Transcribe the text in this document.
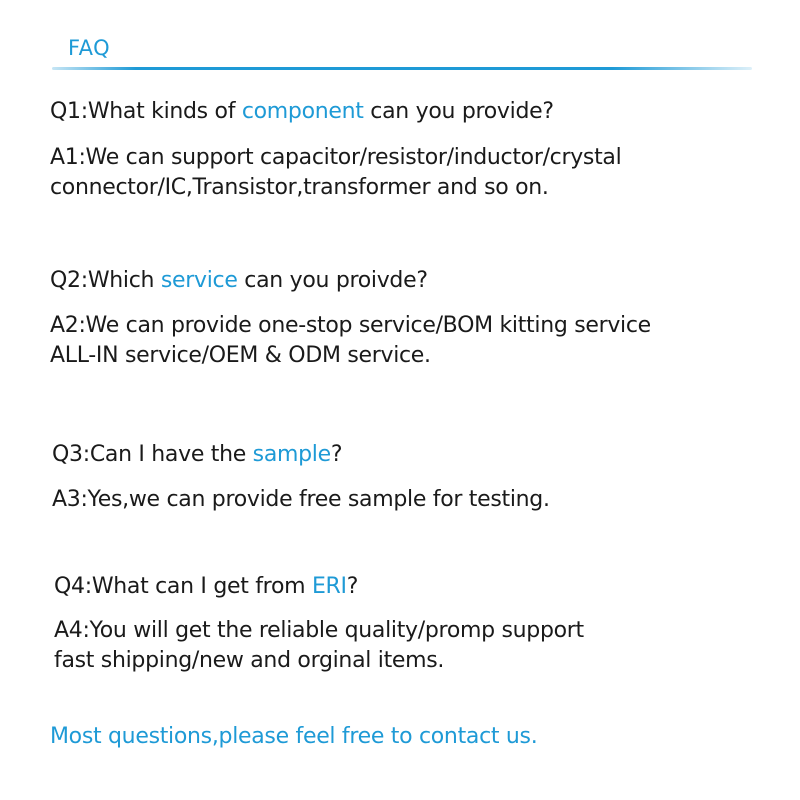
FAQ
Q1:What kinds of component can you provide?
A1:We can support capacitor/resistor/inductor/crystal
connector/IC,Transistor,transformer and so on.
Q2:Which service can you proivde?
A2:We can provide one-stop service/BOM kitting service
ALL-IN service/OEM & ODM service.
Q3:Can I have the sample?
A3:Yes,we can provide free sample for testing.
Q4:What can I get from ERI?
A4:You will get the reliable quality/promp support
fast shipping/new and orginal items.
Most questions,please feel free to contact us.
